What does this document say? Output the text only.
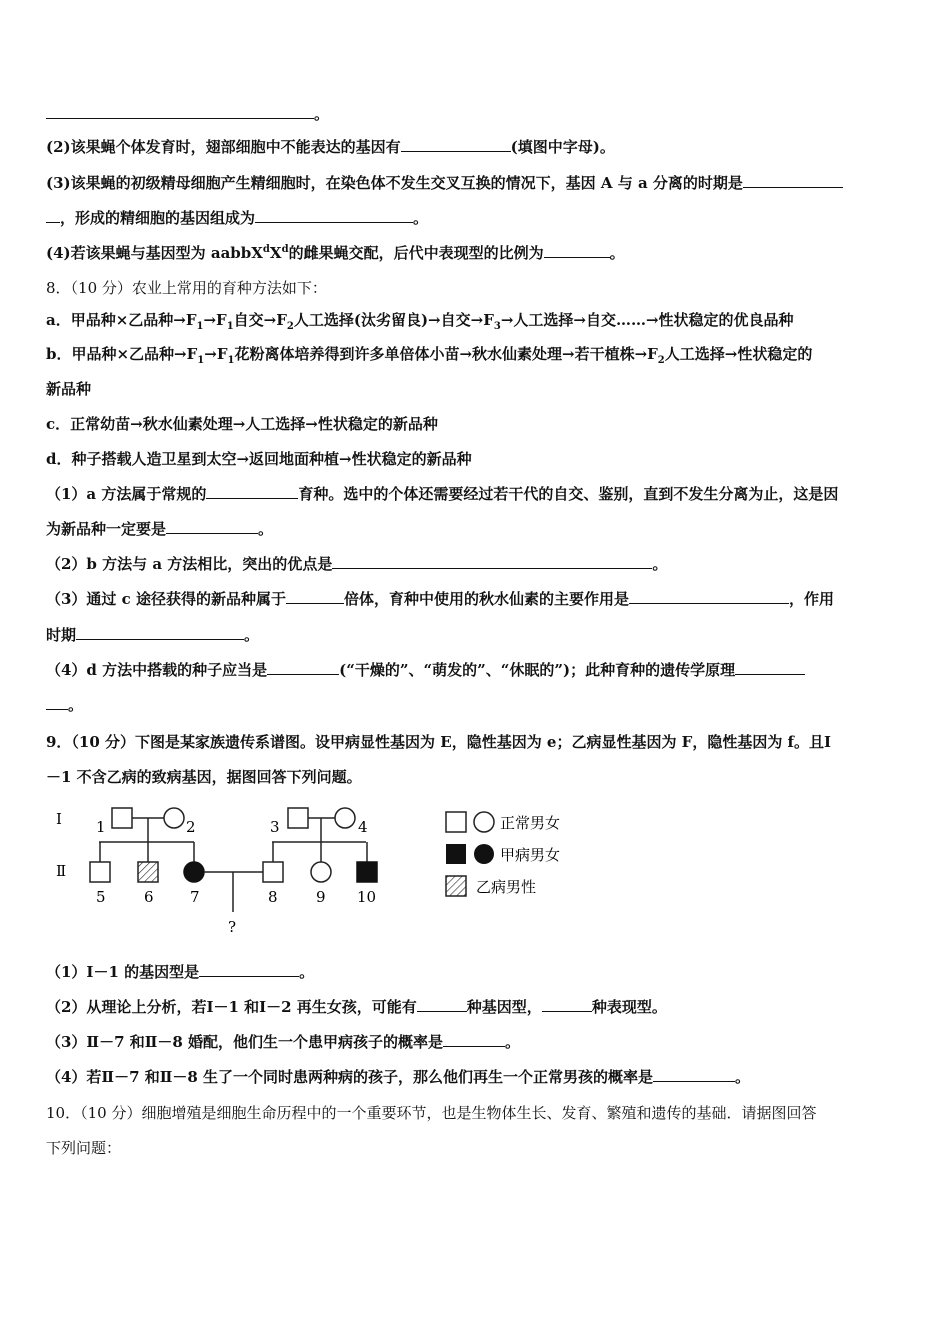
。
(2)该果蝇个体发育时，翅部细胞中不能表达的基因有	(填图中字母)。
(3)该果蝇的初级精母细胞产生精细胞时，在染色体不发生交叉互换的情况下，基因 A 与 a 分离的时期是
，形成的精细胞的基因组成为	。
(4)若该果蝇与基因型为 $aabbX^dX^d$的雌果蝇交配，后代中表现型的比例为	。
8．（10 分）农业上常用的育种方法如下：
a．甲品种×乙品种$\to F_1\to F_1$自交$\to F_2$人工选择(汰劣留良)→自交$\to F_3\to$人工选择→自交……→性状稳定的优良品种
b．甲品种×乙品种$\to F_1\to F_1$花粉离体培养得到许多单倍体小苗→秋水仙素处理→若干植株$\to F_2$人工选择→性状稳定的
新品种
c．正常幼苗→秋水仙素处理→人工选择→性状稳定的新品种
d．种子搭载人造卫星到太空→返回地面种植→性状稳定的新品种
（1）a 方法属于常规的	育种。选中的个体还需要经过若干代的自交、鉴别，直到不发生分离为止，这是因
为新品种一定要是	。
（2）b 方法与 a 方法相比，突出的优点是	。
（3）通过 c 途径获得的新品种属于	倍体，育种中使用的秋水仙素的主要作用是	，作用
时期	。
（4）d 方法中搭载的种子应当是	(“干燥的”、“萌发的”、“休眠的”)；此种育种的遗传学原理
。
9．（10 分）下图是某家族遗传系谱图。设甲病显性基因为 E，隐性基因为 e；乙病显性基因为 F，隐性基因为 f。且Ⅰ
－1 不含乙病的致病基因，据图回答下列问题。
Ⅰ
Ⅱ
1	2	3	4
5	6 7	8	9 10
?
正常男女
甲病男女
乙病男性
（1）Ⅰ－1 的基因型是	。
（2）从理论上分析，若Ⅰ－1 和Ⅰ－2 再生女孩，可能有	种基因型，	种表现型。
（3）Ⅱ－7 和Ⅱ－8 婚配，他们生一个患甲病孩子的概率是	。
（4）若Ⅱ－7 和Ⅱ－8 生了一个同时患两种病的孩子，那么他们再生一个正常男孩的概率是	。
10．（10 分）细胞增殖是细胞生命历程中的一个重要环节，也是生物体生长、发育、繁殖和遗传的基础．请据图回答
下列问题：
